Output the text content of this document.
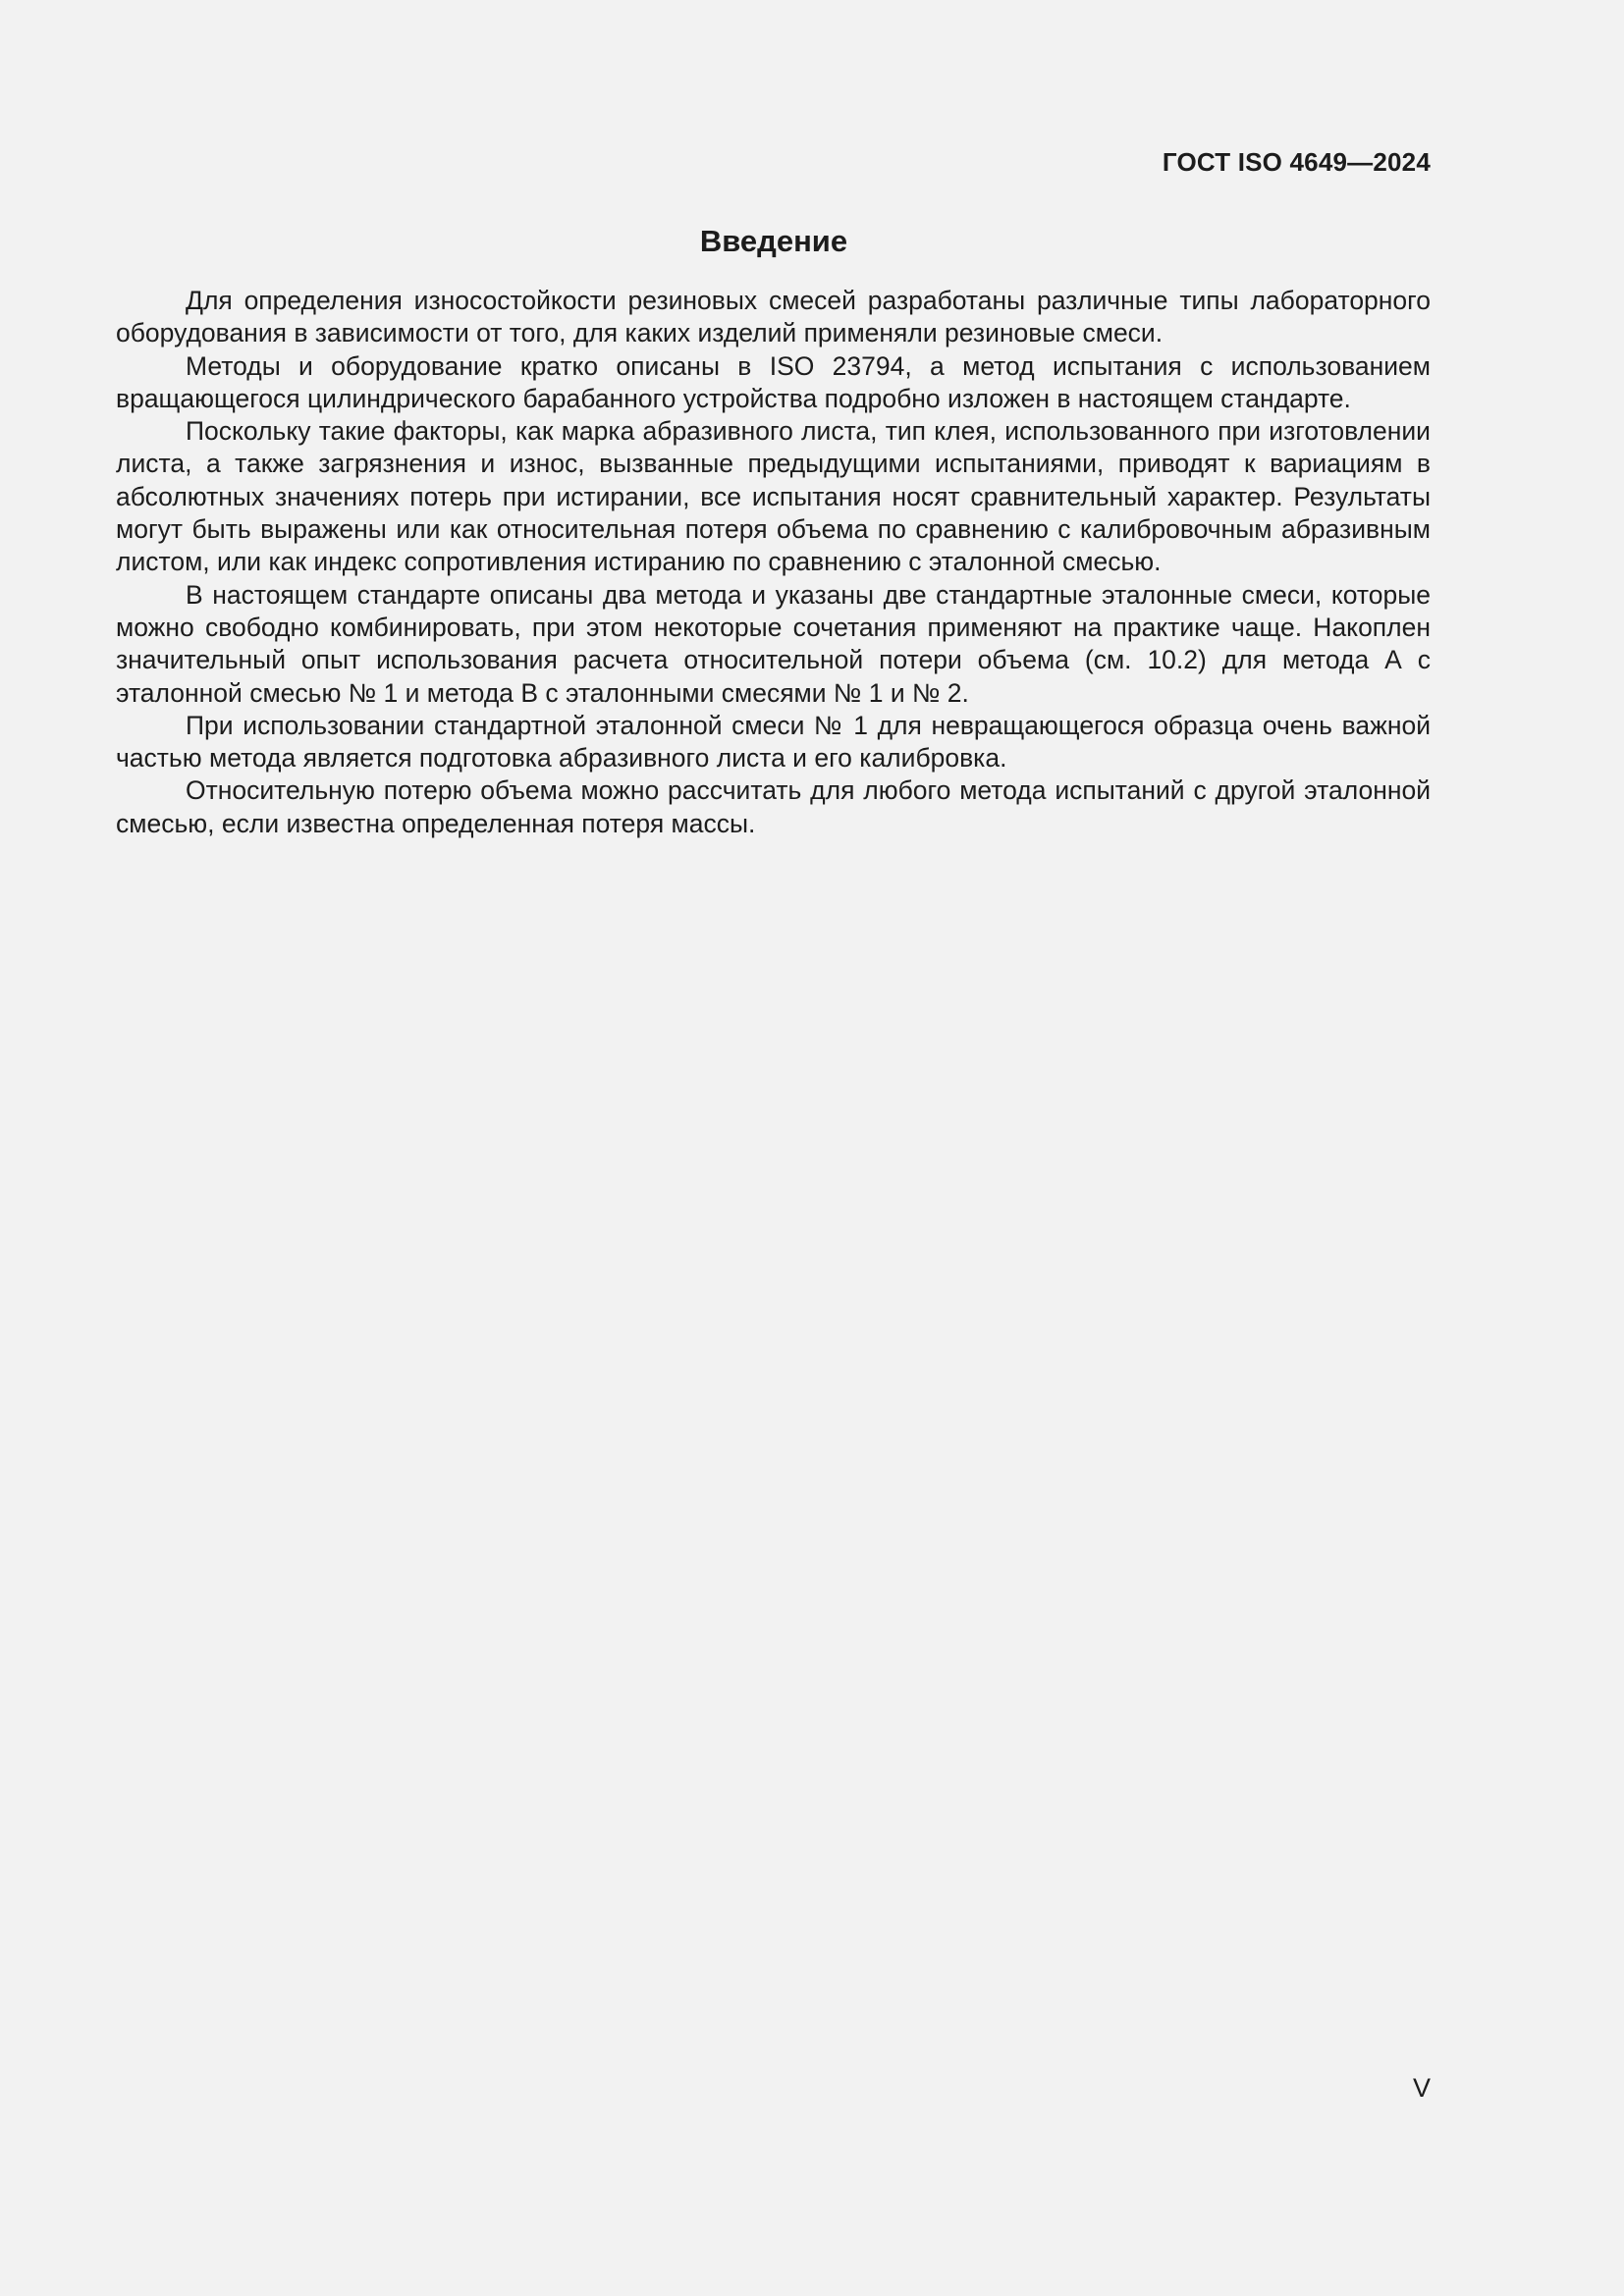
ГОСТ ISO 4649—2024
Введение

Для определения износостойкости резиновых смесей разработаны различные типы лабораторного оборудования в зависимости от того, для каких изделий применяли резиновые смеси.

Методы и оборудование кратко описаны в ISO 23794, а метод испытания с использованием вращающегося цилиндрического барабанного устройства подробно изложен в настоящем стандарте.

Поскольку такие факторы, как марка абразивного листа, тип клея, использованного при изготовлении листа, а также загрязнения и износ, вызванные предыдущими испытаниями, приводят к вариациям в абсолютных значениях потерь при истирании, все испытания носят сравнительный характер. Результаты могут быть выражены или как относительная потеря объема по сравнению с калибровочным абразивным листом, или как индекс сопротивления истиранию по сравнению с эталонной смесью.

В настоящем стандарте описаны два метода и указаны две стандартные эталонные смеси, которые можно свободно комбинировать, при этом некоторые сочетания применяют на практике чаще. Накоплен значительный опыт использования расчета относительной потери объема (см. 10.2) для метода А с эталонной смесью № 1 и метода В с эталонными смесями № 1 и № 2.

При использовании стандартной эталонной смеси № 1 для невращающегося образца очень важной частью метода является подготовка абразивного листа и его калибровка.

Относительную потерю объема можно рассчитать для любого метода испытаний с другой эталонной смесью, если известна определенная потеря массы.

V
